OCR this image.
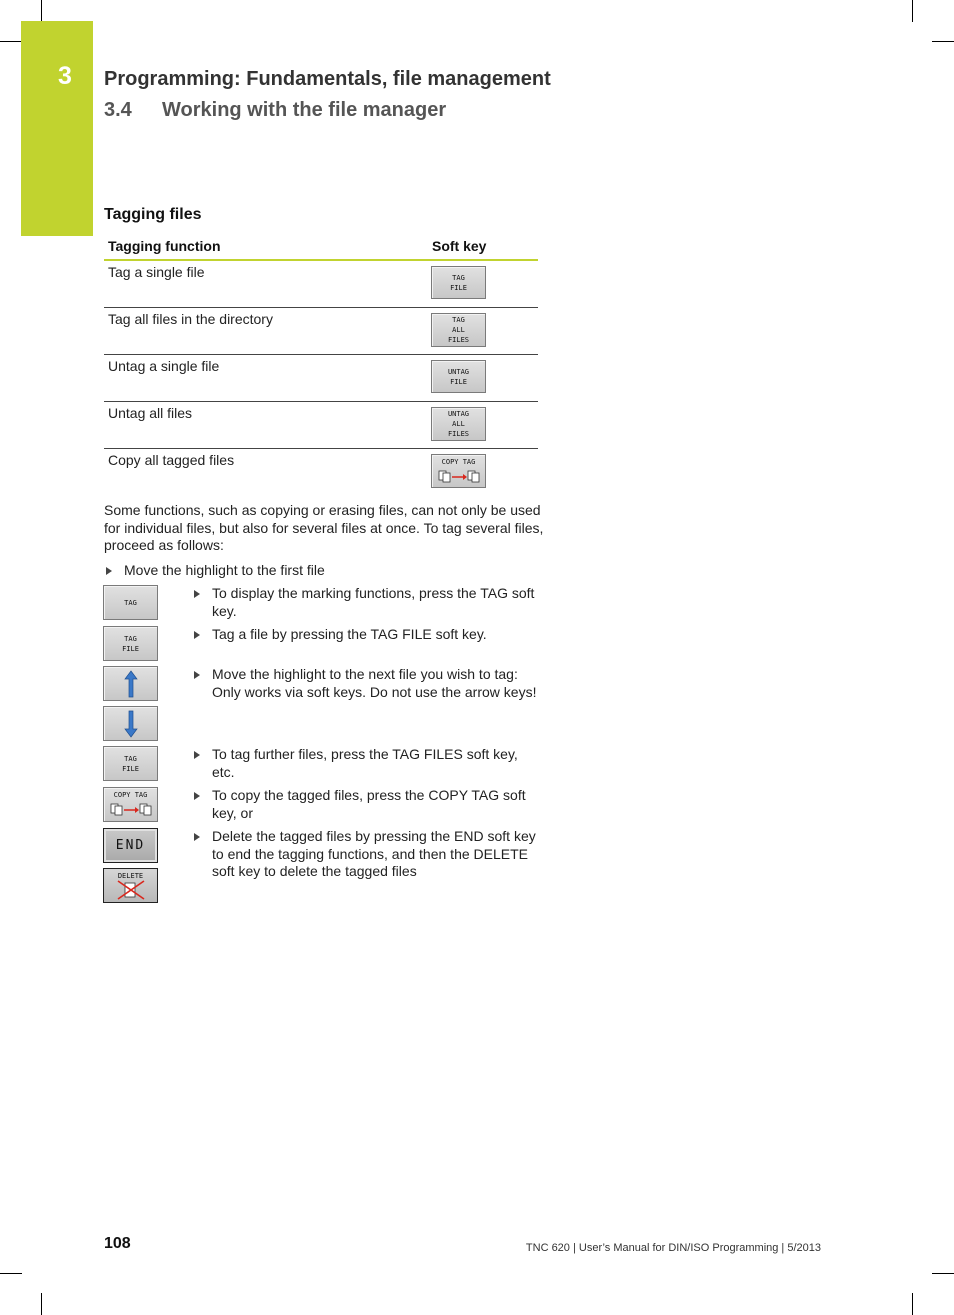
3 Programming: Fundamentals, file management
3.4 Working with the file manager
Tagging files
Tagging function	Soft key
Tag a single file	TAG
FILE
Tag all files in the directory	TAG
ALL
FILES
Untag a single file	UNTAG
FILE
Untag all files	UNTAG
ALL
FILES
Copy all tagged files	COPY TAG
Some functions, such as copying or erasing files, can not only be used for individual files, but also for several files at once. To tag several files, proceed as follows:
Move the highlight to the first file
TAG
TAG
FILE
TAG
FILE
COPY TAG
END
DELETE
To display the marking functions, press the TAG soft key.
Tag a file by pressing the TAG FILE soft key.
Move the highlight to the next file you wish to tag: Only works via soft keys. Do not use the arrow keys!
To tag further files, press the TAG FILES soft key, etc.
To copy the tagged files, press the COPY TAG soft key, or
Delete the tagged files by pressing the END soft key to end the tagging functions, and then the DELETE soft key to delete the tagged files
108	TNC 620 | User’s Manual for DIN/ISO Programming | 5/2013
